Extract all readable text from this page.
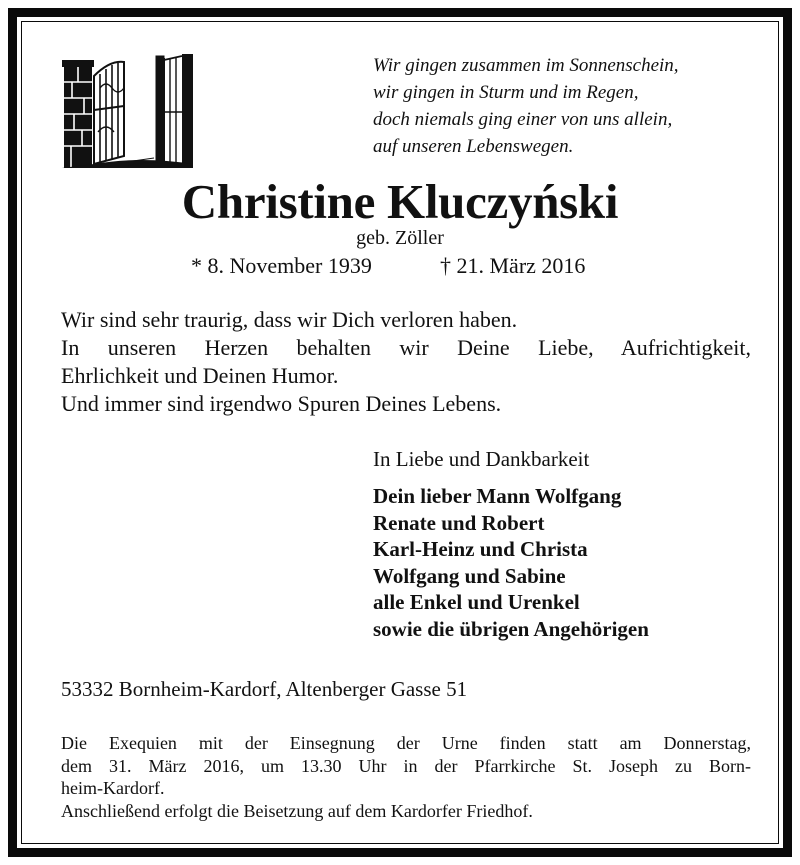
Wir gingen zusammen im Sonnenschein,
wir gingen in Sturm und im Regen,
doch niemals ging einer von uns allein,
auf unseren Lebenswegen.
Christine Kluczyński
geb. Zöller
* 8. November 1939	† 21. März 2016
Wir sind sehr traurig, dass wir Dich verloren haben.
In unseren Herzen behalten wir Deine Liebe, Aufrichtigkeit,
Ehrlichkeit und Deinen Humor.
Und immer sind irgendwo Spuren Deines Lebens.
In Liebe und Dankbarkeit
Dein lieber Mann Wolfgang
Renate und Robert
Karl-Heinz und Christa
Wolfgang und Sabine
alle Enkel und Urenkel
sowie die übrigen Angehörigen
53332 Bornheim-Kardorf, Altenberger Gasse 51
Die Exequien mit der Einsegnung der Urne finden statt am Donnerstag,
dem 31. März 2016, um 13.30 Uhr in der Pfarrkirche St. Joseph zu Born-
heim-Kardorf.
Anschließend erfolgt die Beisetzung auf dem Kardorfer Friedhof.
